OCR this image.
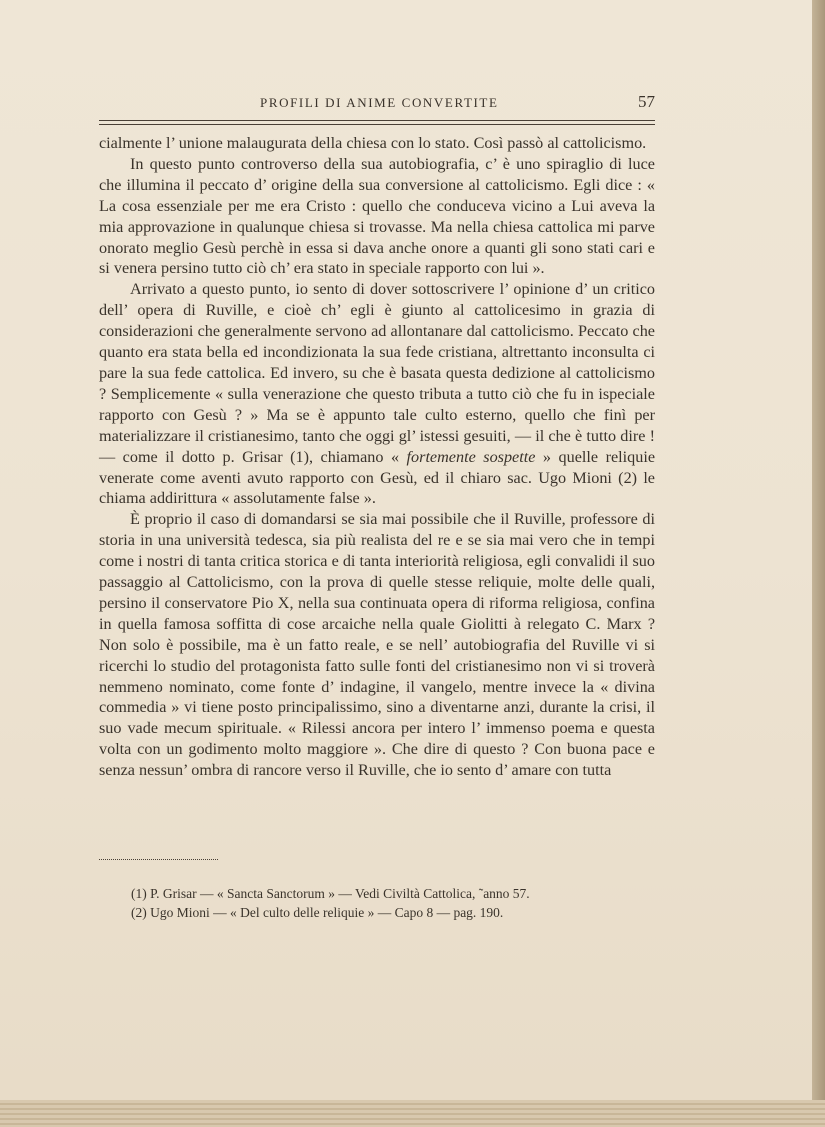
PROFILI DI ANIME CONVERTITE	57

cialmente l’ unione malaugurata della chiesa con lo stato. Così passò al cattolicismo.

In questo punto controverso della sua autobiografia, c’ è uno spiraglio di luce che illumina il peccato d’ origine della sua conversione al cattolicismo. Egli dice : « La cosa essenziale per me era Cristo : quello che conduceva vicino a Lui aveva la mia approvazione in qualunque chiesa si trovasse. Ma nella chiesa cattolica mi parve onorato meglio Gesù perchè in essa si dava anche onore a quanti gli sono stati cari e si venera persino tutto ciò ch’ era stato in speciale rapporto con lui ».

Arrivato a questo punto, io sento di dover sottoscrivere l’ opinione d’ un critico dell’ opera di Ruville, e cioè ch’ egli è giunto al cattolicesimo in grazia di considerazioni che generalmente servono ad allontanare dal cattolicismo. Peccato che quanto era stata bella ed incondizionata la sua fede cristiana, altrettanto inconsulta ci pare la sua fede cattolica. Ed invero, su che è basata questa dedizione al cattolicismo ? Semplicemente « sulla venerazione che questo tributa a tutto ciò che fu in ispeciale rapporto con Gesù ? » Ma se è appunto tale culto esterno, quello che finì per materializzare il cristianesimo, tanto che oggi gl’ istessi gesuiti, — il che è tutto dire ! — come il dotto p. Grisar (1), chiamano « fortemente sospette » quelle reliquie venerate come aventi avuto rapporto con Gesù, ed il chiaro sac. Ugo Mioni (2) le chiama addirittura « assolutamente false ».

È proprio il caso di domandarsi se sia mai possibile che il Ruville, professore di storia in una università tedesca, sia più realista del re e se sia mai vero che in tempi come i nostri di tanta critica storica e di tanta interiorità religiosa, egli convalidi il suo passaggio al Cattolicismo, con la prova di quelle stesse reliquie, molte delle quali, persino il conservatore Pio X, nella sua continuata opera di riforma religiosa, confina in quella famosa soffitta di cose arcaiche nella quale Giolitti à relegato C. Marx ? Non solo è possibile, ma è un fatto reale, e se nell’ autobiografia del Ruville vi si ricerchi lo studio del protagonista fatto sulle fonti del cristianesimo non vi si troverà nemmeno nominato, come fonte d’ indagine, il vangelo, mentre invece la « divina commedia » vi tiene posto principalissimo, sino a diventarne anzi, durante la crisi, il suo vade mecum spirituale. « Rilessi ancora per intero l’ immenso poema e questa volta con un godimento molto maggiore ». Che dire di questo ? Con buona pace e senza nessun’ ombra di rancore verso il Ruville, che io sento d’ amare con tutta

(1) P. Grisar — « Sancta Sanctorum » — Vedi Civiltà Cattolica, ˜anno 57.
(2) Ugo Mioni — « Del culto delle reliquie » — Capo 8 — pag. 190.
